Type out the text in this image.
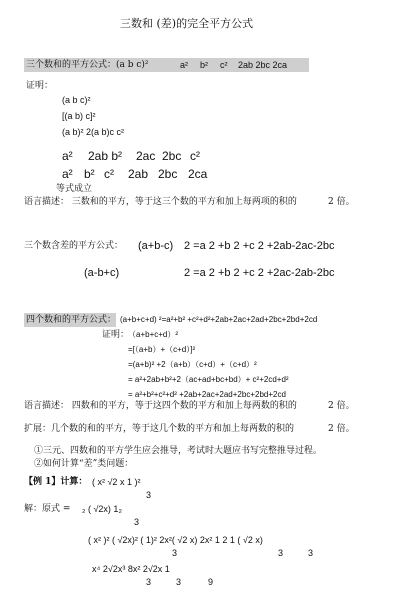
三数和 (差)的完全平方公式
三个数和的平方公式：(a b c)²	a² b² c² 2ab 2bc 2ca
证明：
(a b c)²
[(a b) c]²
(a b)² 2(a b)c c²
a² 2ab b² 2ac 2bc c²
a² b² c² 2ab 2bc 2ca
等式成立
语言描述： 三数和的平方，等于这三个数的平方和加上每两项的积的	2 倍。
三个数含差的平方公式： (a+b-c) 2 =a 2 +b 2 +c 2 +2ab-2ac-2bc
(a-b+c)	2 =a 2 +b 2 +c 2 +2ac-2ab-2bc
四个数和的平方公式： (a+b+c+d) ²=a²+b² +c²+d²+2ab+2ac+2ad+2bc+2bd+2cd
证明：
（a+b+c+d）²
=[（a+b）+（c+d）]²
=(a+b)² +2（a+b）（c+d）+（c+d）²
= a²+2ab+b²+2（ac+ad+bc+bd）+ c²+2cd+d²
= a²+b²+c²+d² +2ab+2ac+2ad+2bc+2bd+2cd
语言描述： 四数和的平方，等于这四个数的平方和加上每两数的积的	2 倍。
扩展：几个数的和的平方，等于这几个数的平方和加上每两数的积的	2 倍。
①三元、四数和的平方学生应会推导，考试时大题应书写完整推导过程。
②如何计算“差”类问题：
【例 1】计算： ( x² √2 x 1 )²
3
解：原式 = ₂ ( √2x) 1₂
3
( x² )² ( √2x)² ( 1)² 2x²( √2 x) 2x² 1 2 1 ( √2 x)
3	3	3
x⁴ 2√2x³ 8x² 2√2x 1
3	3	9
